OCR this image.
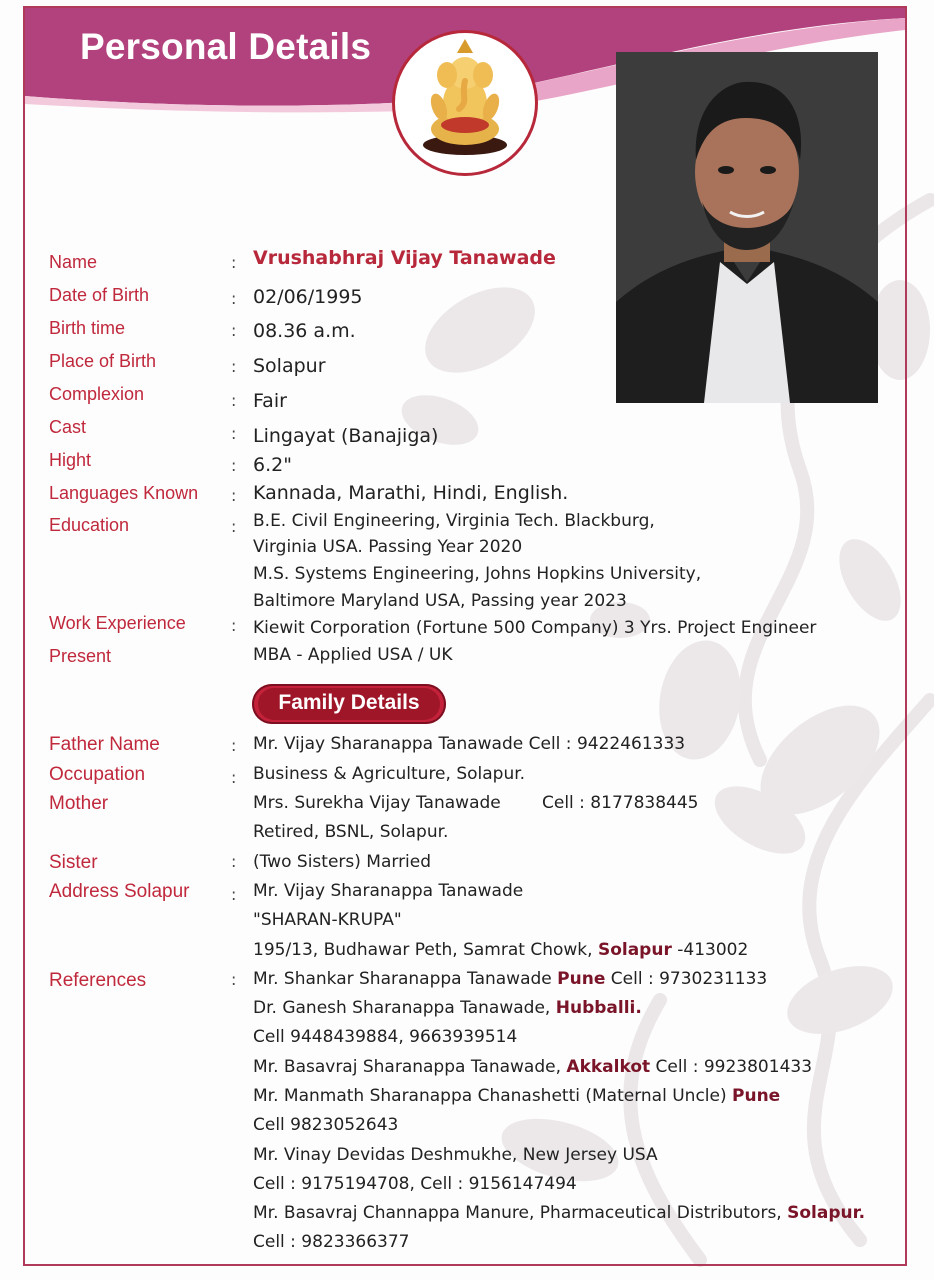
Personal Details
Name	: Vrushabhraj Vijay Tanawade
Date of Birth	: 02/06/1995
Birth time	: 08.36 a.m.
Place of Birth	: Solapur
Complexion	: Fair
Cast	: Lingayat (Banajiga)
Hight	: 6.2"
Languages Known : Kannada, Marathi, Hindi, English.
Education	: B.E. Civil Engineering, Virginia Tech. Blackburg,
Virginia USA. Passing Year 2020
M.S. Systems Engineering, Johns Hopkins University,
Baltimore Maryland USA, Passing year 2023
Work Experience	: Kiewit Corporation (Fortune 500 Company) 3 Yrs. Project Engineer
Present	MBA - Applied USA / UK
Family Details
Father Name	: Mr. Vijay Sharanappa Tanawade Cell : 9422461333
Occupation	: Business & Agriculture, Solapur.
Mother	Mrs. Surekha Vijay Tanawade Cell : 8177838445
Retired, BSNL, Solapur.
Sister	: (Two Sisters) Married
Address Solapur	: Mr. Vijay Sharanappa Tanawade
"SHARAN-KRUPA"
195/13, Budhawar Peth, Samrat Chowk, Solapur -413002
References	: Mr. Shankar Sharanappa Tanawade Pune Cell : 9730231133
Dr. Ganesh Sharanappa Tanawade, Hubballi.
Cell 9448439884, 9663939514
Mr. Basavraj Sharanappa Tanawade, Akkalkot Cell : 9923801433
Mr. Manmath Sharanappa Chanashetti (Maternal Uncle) Pune
Cell 9823052643
Mr. Vinay Devidas Deshmukhe, New Jersey USA
Cell : 9175194708, Cell : 9156147494
Mr. Basavraj Channappa Manure, Pharmaceutical Distributors, Solapur.
Cell : 9823366377
